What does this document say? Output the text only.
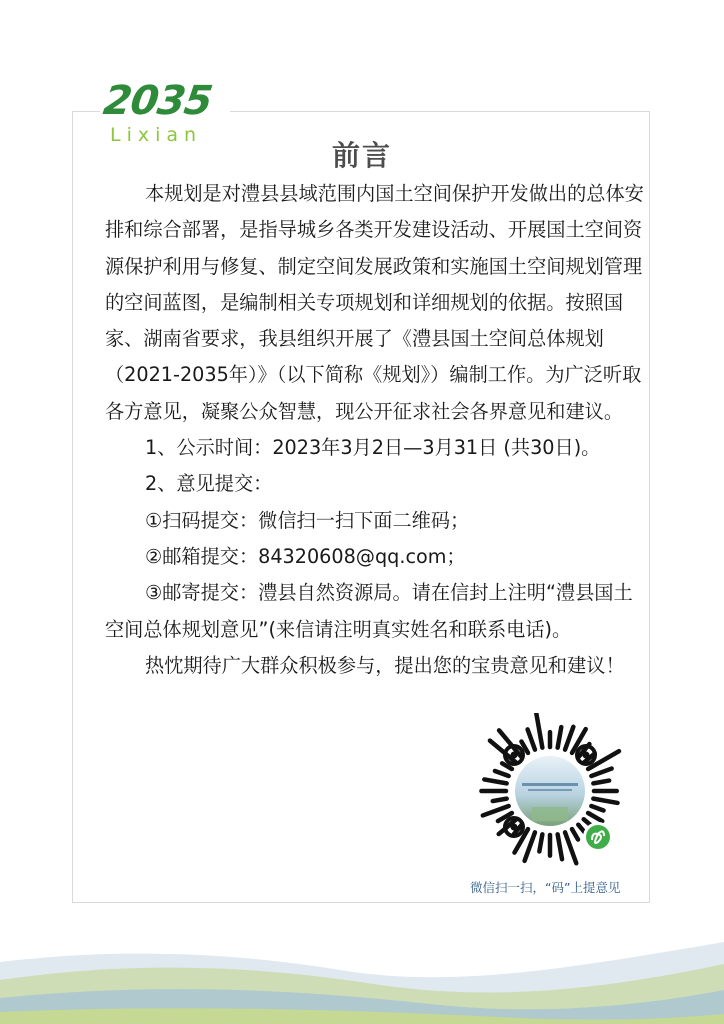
2035
Lixian
前言

本规划是对澧县县域范围内国土空间保护开发做出的总体安排和综合部署，是指导城乡各类开发建设活动、开展国土空间资源保护利用与修复、制定空间发展政策和实施国土空间规划管理的空间蓝图，是编制相关专项规划和详细规划的依据。按照国家、湖南省要求，我县组织开展了《澧县国土空间总体规划（2021-2035年）》（以下简称《规划》）编制工作。为广泛听取各方意见，凝聚公众智慧，现公开征求社会各界意见和建议。

1、公示时间：2023年3月2日—3月31日 (共30日)。

2、意见提交：

①扫码提交：微信扫一扫下面二维码；

②邮箱提交：84320608@qq.com；

③邮寄提交：澧县自然资源局。请在信封上注明“澧县国土空间总体规划意见”(来信请注明真实姓名和联系电话)。

热忱期待广大群众积极参与，提出您的宝贵意见和建议！

微信扫一扫，“码”上提意见
